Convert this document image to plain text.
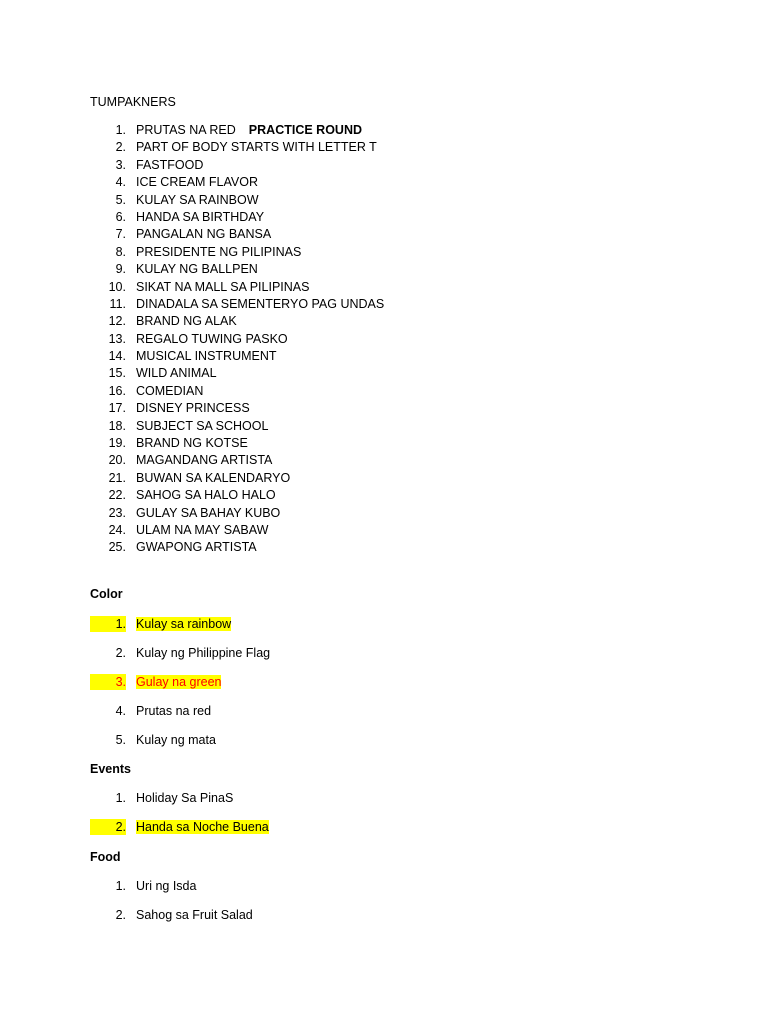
TUMPAKNERS
1. PRUTAS NA RED PRACTICE ROUND
2. PART OF BODY STARTS WITH LETTER T
3. FASTFOOD
4. ICE CREAM FLAVOR
5. KULAY SA RAINBOW
6. HANDA SA BIRTHDAY
7. PANGALAN NG BANSA
8. PRESIDENTE NG PILIPINAS
9. KULAY NG BALLPEN
10. SIKAT NA MALL SA PILIPINAS
11. DINADALA SA SEMENTERYO PAG UNDAS
12. BRAND NG ALAK
13. REGALO TUWING PASKO
14. MUSICAL INSTRUMENT
15. WILD ANIMAL
16. COMEDIAN
17. DISNEY PRINCESS
18. SUBJECT SA SCHOOL
19. BRAND NG KOTSE
20. MAGANDANG ARTISTA
21. BUWAN SA KALENDARYO
22. SAHOG SA HALO HALO
23. GULAY SA BAHAY KUBO
24. ULAM NA MAY SABAW
25. GWAPONG ARTISTA
Color
1. Kulay sa rainbow
2. Kulay ng Philippine Flag
3. Gulay na green
4. Prutas na red
5. Kulay ng mata
Events
1. Holiday Sa PinaS
2. Handa sa Noche Buena
Food
1. Uri ng Isda
2. Sahog sa Fruit Salad
